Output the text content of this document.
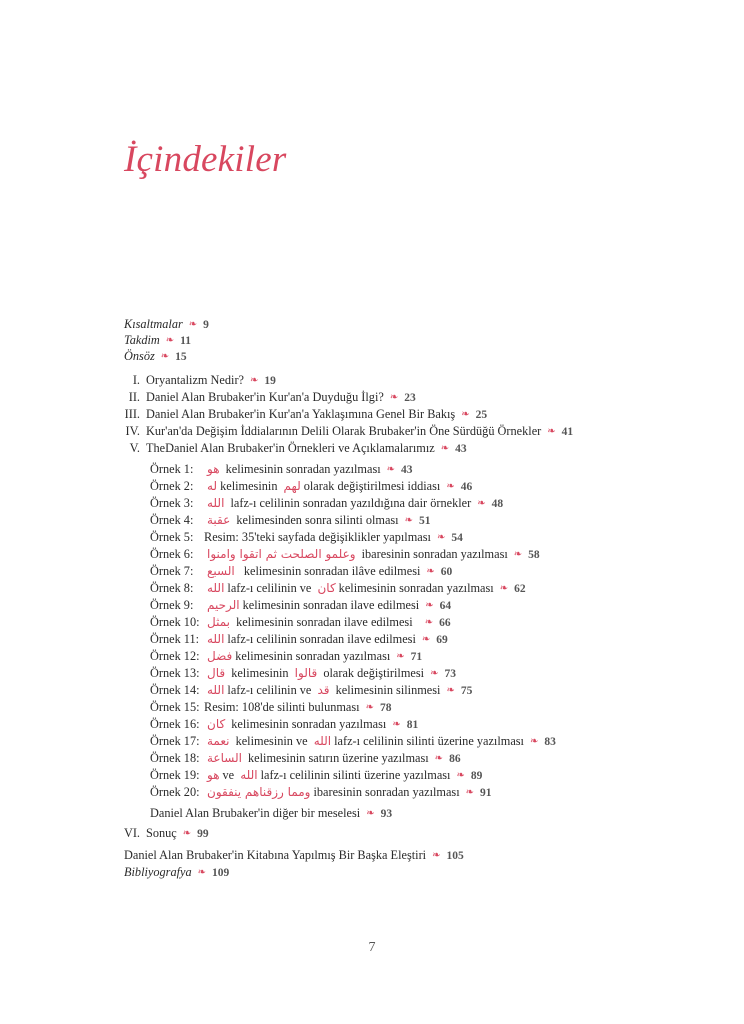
İçindekiler
Kısaltmalar ❧ 9
Takdim ❧ 11
Önsöz ❧ 15
I. Oryantalizm Nedir? ❧ 19
II. Daniel Alan Brubaker'in Kur'an'a Duyduğu İlgi? ❧ 23
III. Daniel Alan Brubaker'in Kur'an'a Yaklaşımına Genel Bir Bakış ❧ 25
IV. Kur'an'da Değişim İddialarının Delili Olarak Brubaker'in Öne Sürdüğü Örnekler ❧ 41
V. TheDaniel Alan Brubaker'in Örnekleri ve Açıklamalarımız ❧ 43
Örnek 1: هو kelimesinin sonradan yazılması ❧ 43
Örnek 2: له kelimesinin لهم olarak değiştirilmesi iddiası ❧ 46
Örnek 3: الله lafz-ı celilinin sonradan yazıldığına dair örnekler ❧ 48
Örnek 4: عقبة kelimesinden sonra silinti olması ❧ 51
Örnek 5: Resim: 35'teki sayfada değişiklikler yapılması ❧ 54
Örnek 6: وعلمو الصلحت ثم اتقوا وامنوا ibaresinin sonradan yazılması ❧ 58
Örnek 7: السبع  kelimesinin sonradan ilâve edilmesi ❧ 60
Örnek 8: الله lafz-ı celilinin ve كان kelimesinin sonradan yazılması ❧ 62
Örnek 9: الرحيم kelimesinin sonradan ilave edilmesi ❧ 64
Örnek 10: بمثل kelimesinin sonradan ilave edilmesi  ❧ 66
Örnek 11: الله lafz-ı celilinin sonradan ilave edilmesi ❧ 69
Örnek 12: فضل kelimesinin sonradan yazılması ❧ 71
Örnek 13: قال kelimesinin قالوا olarak değiştirilmesi ❧ 73
Örnek 14: الله lafz-ı celilinin ve قد kelimesinin silinmesi ❧ 75
Örnek 15: Resim: 108'de silinti bulunması ❧ 78
Örnek 16: كان kelimesinin sonradan yazılması ❧ 81
Örnek 17: نعمة kelimesinin ve الله lafz-ı celilinin silinti üzerine yazılması ❧ 83
Örnek 18: الساعة kelimesinin satırın üzerine yazılması ❧ 86
Örnek 19: هو ve الله lafz-ı celilinin silinti üzerine yazılması ❧ 89
Örnek 20: ومما رزقناهم ينفقون ibaresinin sonradan yazılması ❧ 91
Daniel Alan Brubaker'in diğer bir meselesi ❧ 93
VI. Sonuç ❧ 99
Daniel Alan Brubaker'in Kitabına Yapılmış Bir Başka Eleştiri ❧ 105
Bibliyografya ❧ 109
7
